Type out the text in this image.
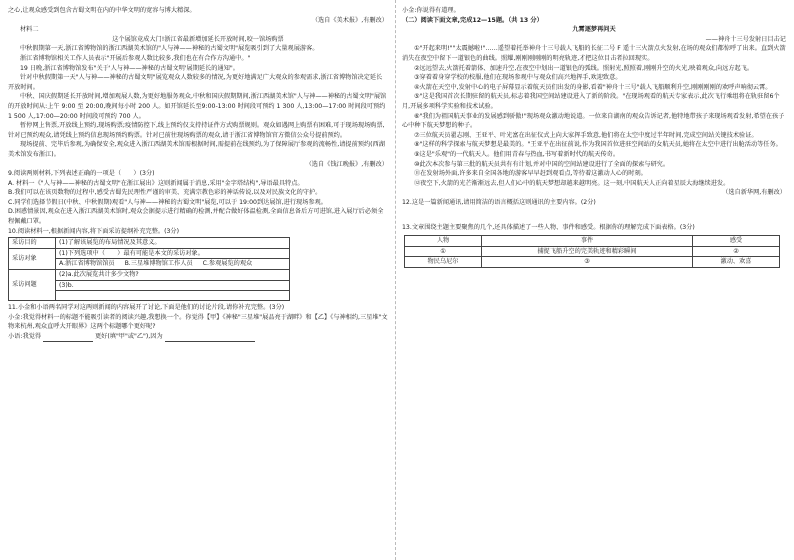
之心,让观众感受到包含古蜀文明在内的中华文明的宽容与博大精深。

（选自《美术报》,有删改）

材料二

这个展馆竟成大门!浙江省最新增加延长开放时间,咬一馆场购票

中秋假期第一天,浙江省博物馆的浙江西湖美术馆的"人与神——神秘的古蜀文明"展览吸引到了大量观展游客。

浙江省博物馆相关工作人员表示"开展后参观人数比较多,我们也在有合作方沟通中。"

19 日晚,浙江省博物馆发布"关于'人与神——神秘的古蜀文明'展期延长的通知"。

针对中秋假期第一天"人与神——神秘的古蜀文明"展览观众人数较多的情况,为更好地满足广大观众的参观需求,浙江省博物馆决定延长开放时间。

中秋、国庆假期延长开放时间,增加观展人数,为更好地服务观众,中秋和国庆假期期间,浙江西湖美术馆"人与神——神秘的古蜀文明"展馆的开放时间从:上午 9:00 至 20:00,晚间每小时 200 人。如开馆延长至9:00-13:00 时间段可预约 1 300 人,13:00—17:00 时间段可预约 1 500 人,17:00—20:00 时间段可预约 700 人。

暂停网上售票,开放线上预约,现场购票;疫情防控下,线上预约仅支持持证件方式购票规则。观众如遇网上购票有困难,可于现场现场购票,针对已预约观众,请凭线上预约信息现场预约购票。针对已前往现场购票的观众,请于浙江省博物馆官方微信公众号提前预约。

现场提前、完毕后参观,为确保安全,观众进入浙江西湖美术馆需根据时间,需提前在线预约,为了保障展厅参观的流畅性,请提前预约(西湖美术馆发布浙江)。

（选自《钱江晚报》,有删改）

9.阅读两则材料,下列表述正确的一项是（　　）(3分)

A. 材料一《"人与神——神秘的古蜀文明"在浙江展出》这则新闻属于消息,采用"金字塔结构",导语最具特点。

B.我们可以在该页数物的过程中,感受古蜀先民理性严谨的审美、充满宗教色彩的神话传说,以及对民族文化的守护。

C.同学们选择节假日(中秋、中秋假期)观看"人与神——神秘的古蜀文明"展览,可以于 19:00到达展馆,进行现场参观。

D.困惑情景因,观众在进入浙江西湖美术馆时,观众会据提示进行精确的检测,并配合做好体温检测,全面信息备后方可进馆,进入展厅后必须全程佩戴口罩。

10.阅读材料一,根据新闻内容,将下面采访提纲补充完整。(3分)

采访目的	(1)了解该展览的布局情况及其意义。
采访对象	(1)下列选项中（　　）最有可能是本文的采访对象。
	A.浙江省博物馆馆员 B.三星堆博物馆工作人员 C.参观展览的观众
采访问题	(2)a.此次展览共计多少文物?
	(3)b.

11.小金和小语两名同学对这两则新闻的内容展开了讨论,下面是他们的讨论片段,请你补充完整。(3分)

小金:我觉得材料一的标题不能吸引读者的阅读兴趣,我想换一个。你觉得【甲】《神秘"三星堆"展品亮于湖畔》和【乙】《与神相约,三星堆"文物来杭州,观众直呼大开眼界》这两个标题哪个更好呢?

小语:我觉得	更好(填"甲"或"乙"),因为

小金:你说得有道理。

（二）阅读下面文章,完成12—15题。（共 13 分）

九霄逐梦再问天

——神舟十三号发射日目击记

①"开起来明!""太震撼啦!"……遥望着托举神舟十三号载人飞船的长征二号 F 遥十三火箭点火发射,在场的观众们都惊呼了出来。直到火箭消失在夜空中留下一道银色的曲线。照耀,刚刚刚刚刚的明亮轨迹,才把这位目击者拉回现实。

②远远望去,火箭托着箭体、加速升空,在夜空中划出一道银色的弧线。照射光,照照着,刚刚升空的火光,映着观众,向远方起飞。

③穿着着身穿学校的校服,他们在现场参观中与观众们高兴地挥手,欢迎致意。

④火箭在天空中,发射中心的电子屏幕显示着航天员们出发的身影,看着"神舟十三号"载人飞船顺利升空,刚刚刚刚的欢呼声响彻云霄。

⑤"这是我国首次长期驻留的航天员,标志着我国空间站建设进入了新的阶段。"在现场观看的航天专家表示,此次飞行乘组将在轨驻留6个月,开展多项科学实验和技术试验。

⑥"我们为祖国航天事业的发展感到骄傲!"现场观众激动地说道。一位来自湖南的观众告诉记者,他特地带孩子来现场观看发射,希望在孩子心中种下航天梦想的种子。

⑦三位航天员翟志刚、王亚平、叶光富在出征仪式上向大家挥手致意,他们将在太空中度过半年时间,完成空间站关键技术验证。

⑧"这样的科学探索与航天梦想是最美的。"王亚平在出征前说,作为我国首位进驻空间站的女航天员,她将在太空中进行出舱活动等任务。

⑨这是"乐观"的一代航天人。他们用青春与热血,书写着新时代的航天传奇。

⑩此次本次参与第三批的航天员共有有计划,并对中国的空间站建设进行了全面的探索与研究。

⑪在发射场外面,许多来自全国各地的游客早早赶到观看点,等待着这激动人心的时刻。

⑫夜空下,火箭的光芒渐渐远去,但人们心中的航天梦想却越来越明亮。这一刻,中国航天人正向着星辰大海继续进发。

（选自新华网,有删改）

12.这是一篇新闻通讯,请用简洁的语言概括这则通讯的主要内容。(2分)

13.文章围绕主题主要聚焦的几个,还具体描述了一些人物、事件和感受。根据你的理解完成下面表格。(3分)

人物	事件	感受
①	捕捉飞船升空的完美轨迹和精彩瞬间	②
物民乌尼尔	③	激动、欢喜
